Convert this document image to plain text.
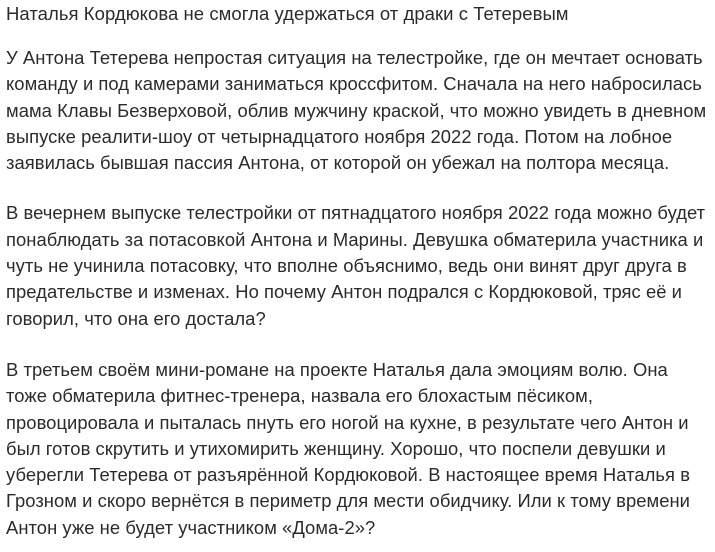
Наталья Кордюкова не смогла удержаться от драки с Тетеревым

У Антона Тетерева непростая ситуация на телестройке, где он мечтает основать команду и под камерами заниматься кроссфитом. Сначала на него набросилась мама Клавы Безверховой, облив мужчину краской, что можно увидеть в дневном выпуске реалити-шоу от четырнадцатого ноября 2022 года. Потом на лобное заявилась бывшая пассия Антона, от которой он убежал на полтора месяца.

В вечернем выпуске телестройки от пятнадцатого ноября 2022 года можно будет понаблюдать за потасовкой Антона и Марины. Девушка обматерила участника и чуть не учинила потасовку, что вполне объяснимо, ведь они винят друг друга в предательстве и изменах. Но почему Антон подрался с Кордюковой, тряс её и говорил, что она его достала?

В третьем своём мини-романе на проекте Наталья дала эмоциям волю. Она тоже обматерила фитнес-тренера, назвала его блохастым пёсиком, провоцировала и пыталась пнуть его ногой на кухне, в результате чего Антон и был готов скрутить и утихомирить женщину. Хорошо, что поспели девушки и уберегли Тетерева от разъярённой Кордюковой. В настоящее время Наталья в Грозном и скоро вернётся в периметр для мести обидчику. Или к тому времени Антон уже не будет участником «Дома-2»?
